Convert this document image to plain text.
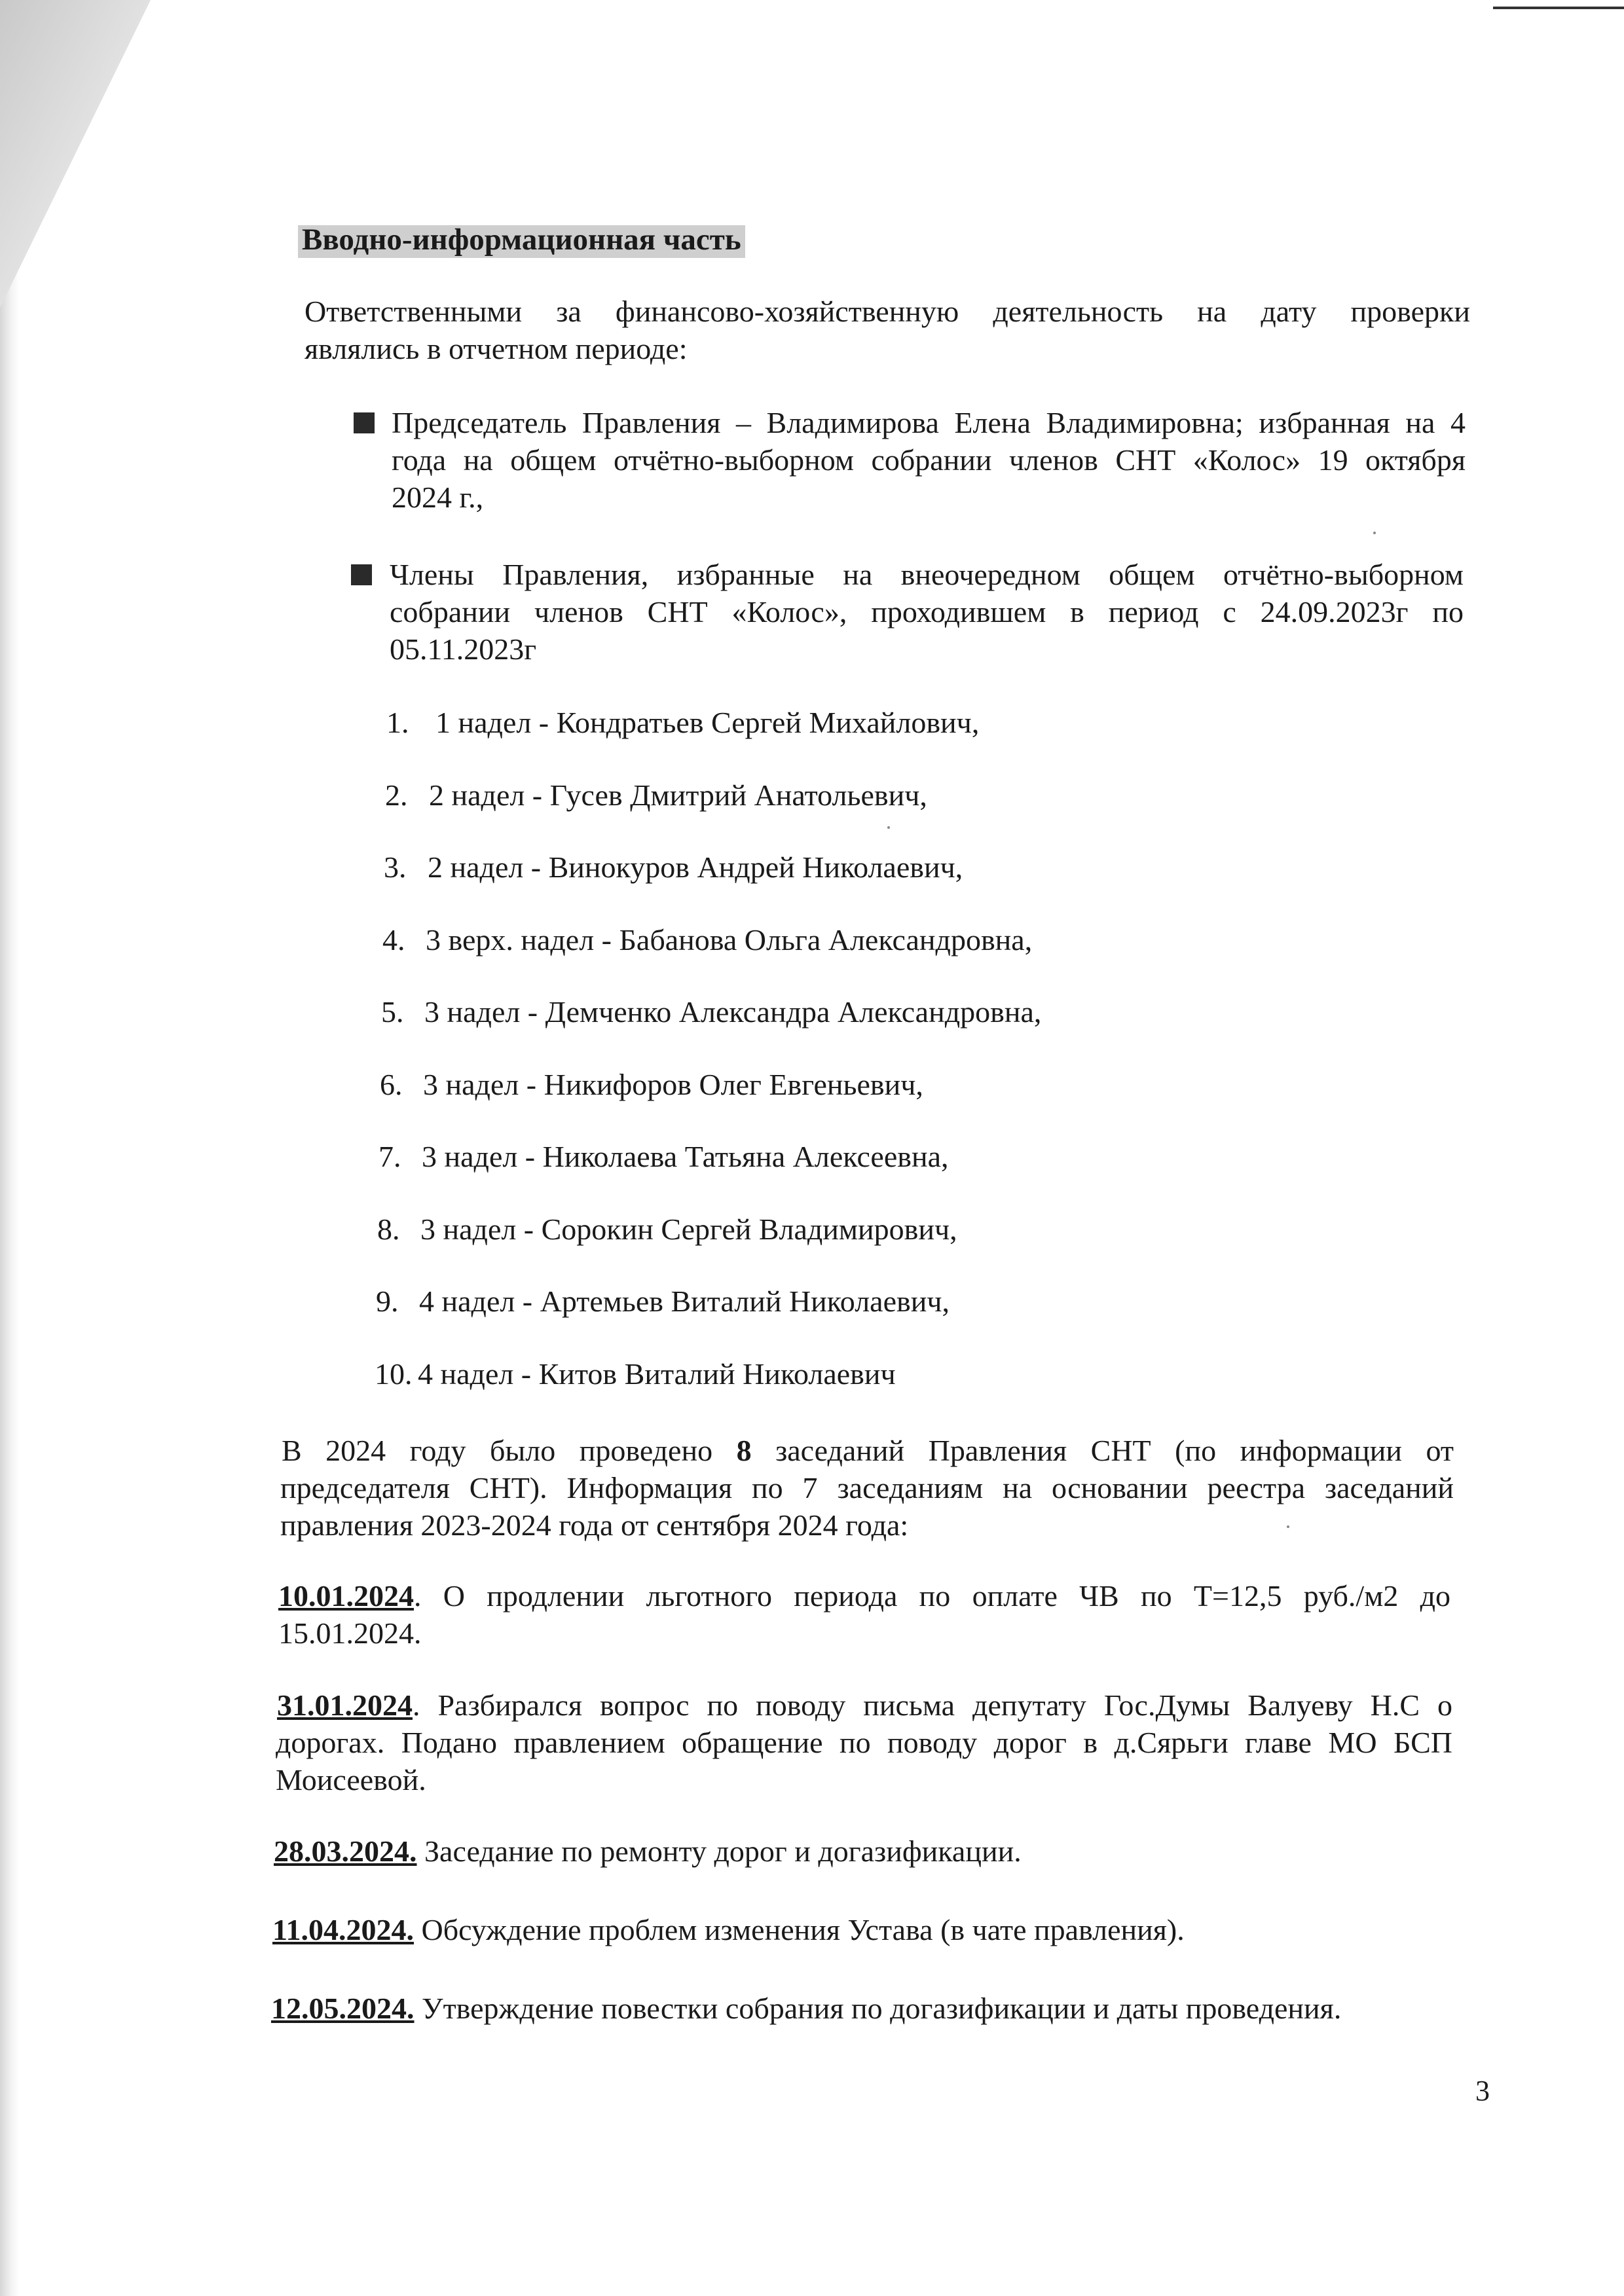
Вводно-информационная часть
Ответственными за финансово-хозяйственную деятельность на дату проверки
являлись в отчетном периоде:
Председатель Правления – Владимирова Елена Владимировна; избранная на 4
года на общем отчётно-выборном собрании членов СНТ «Колос» 19 октября
2024 г.,
Члены Правления, избранные на внеочередном общем отчётно-выборном
собрании членов СНТ «Колос», проходившем в период с 24.09.2023г по
05.11.2023г
1. 1 надел - Кондратьев Сергей Михайлович,
2. 2 надел - Гусев Дмитрий Анатольевич,
3. 2 надел - Винокуров Андрей Николаевич,
4. 3 верх. надел - Бабанова Ольга Александровна,
5. 3 надел - Демченко Александра Александровна,
6. 3 надел - Никифоров Олег Евгеньевич,
7. 3 надел - Николаева Татьяна Алексеевна,
8. 3 надел - Сорокин Сергей Владимирович,
9. 4 надел - Артемьев Виталий Николаевич,
10. 4 надел - Китов Виталий Николаевич
В 2024 году было проведено 8 заседаний Правления СНТ (по информации от
председателя СНТ). Информация по 7 заседаниям на основании реестра заседаний
правления 2023-2024 года от сентября 2024 года:
10.01.2024. О продлении льготного периода по оплате ЧВ по Т=12,5 руб./м2 до
15.01.2024.
31.01.2024. Разбирался вопрос по поводу письма депутату Гос.Думы Валуеву Н.С о
дорогах. Подано правлением обращение по поводу дорог в д.Сярьги главе МО БСП
Моисеевой.
28.03.2024. Заседание по ремонту дорог и догазификации.
11.04.2024. Обсуждение проблем изменения Устава (в чате правления).
12.05.2024. Утверждение повестки собрания по догазификации и даты проведения.
3
